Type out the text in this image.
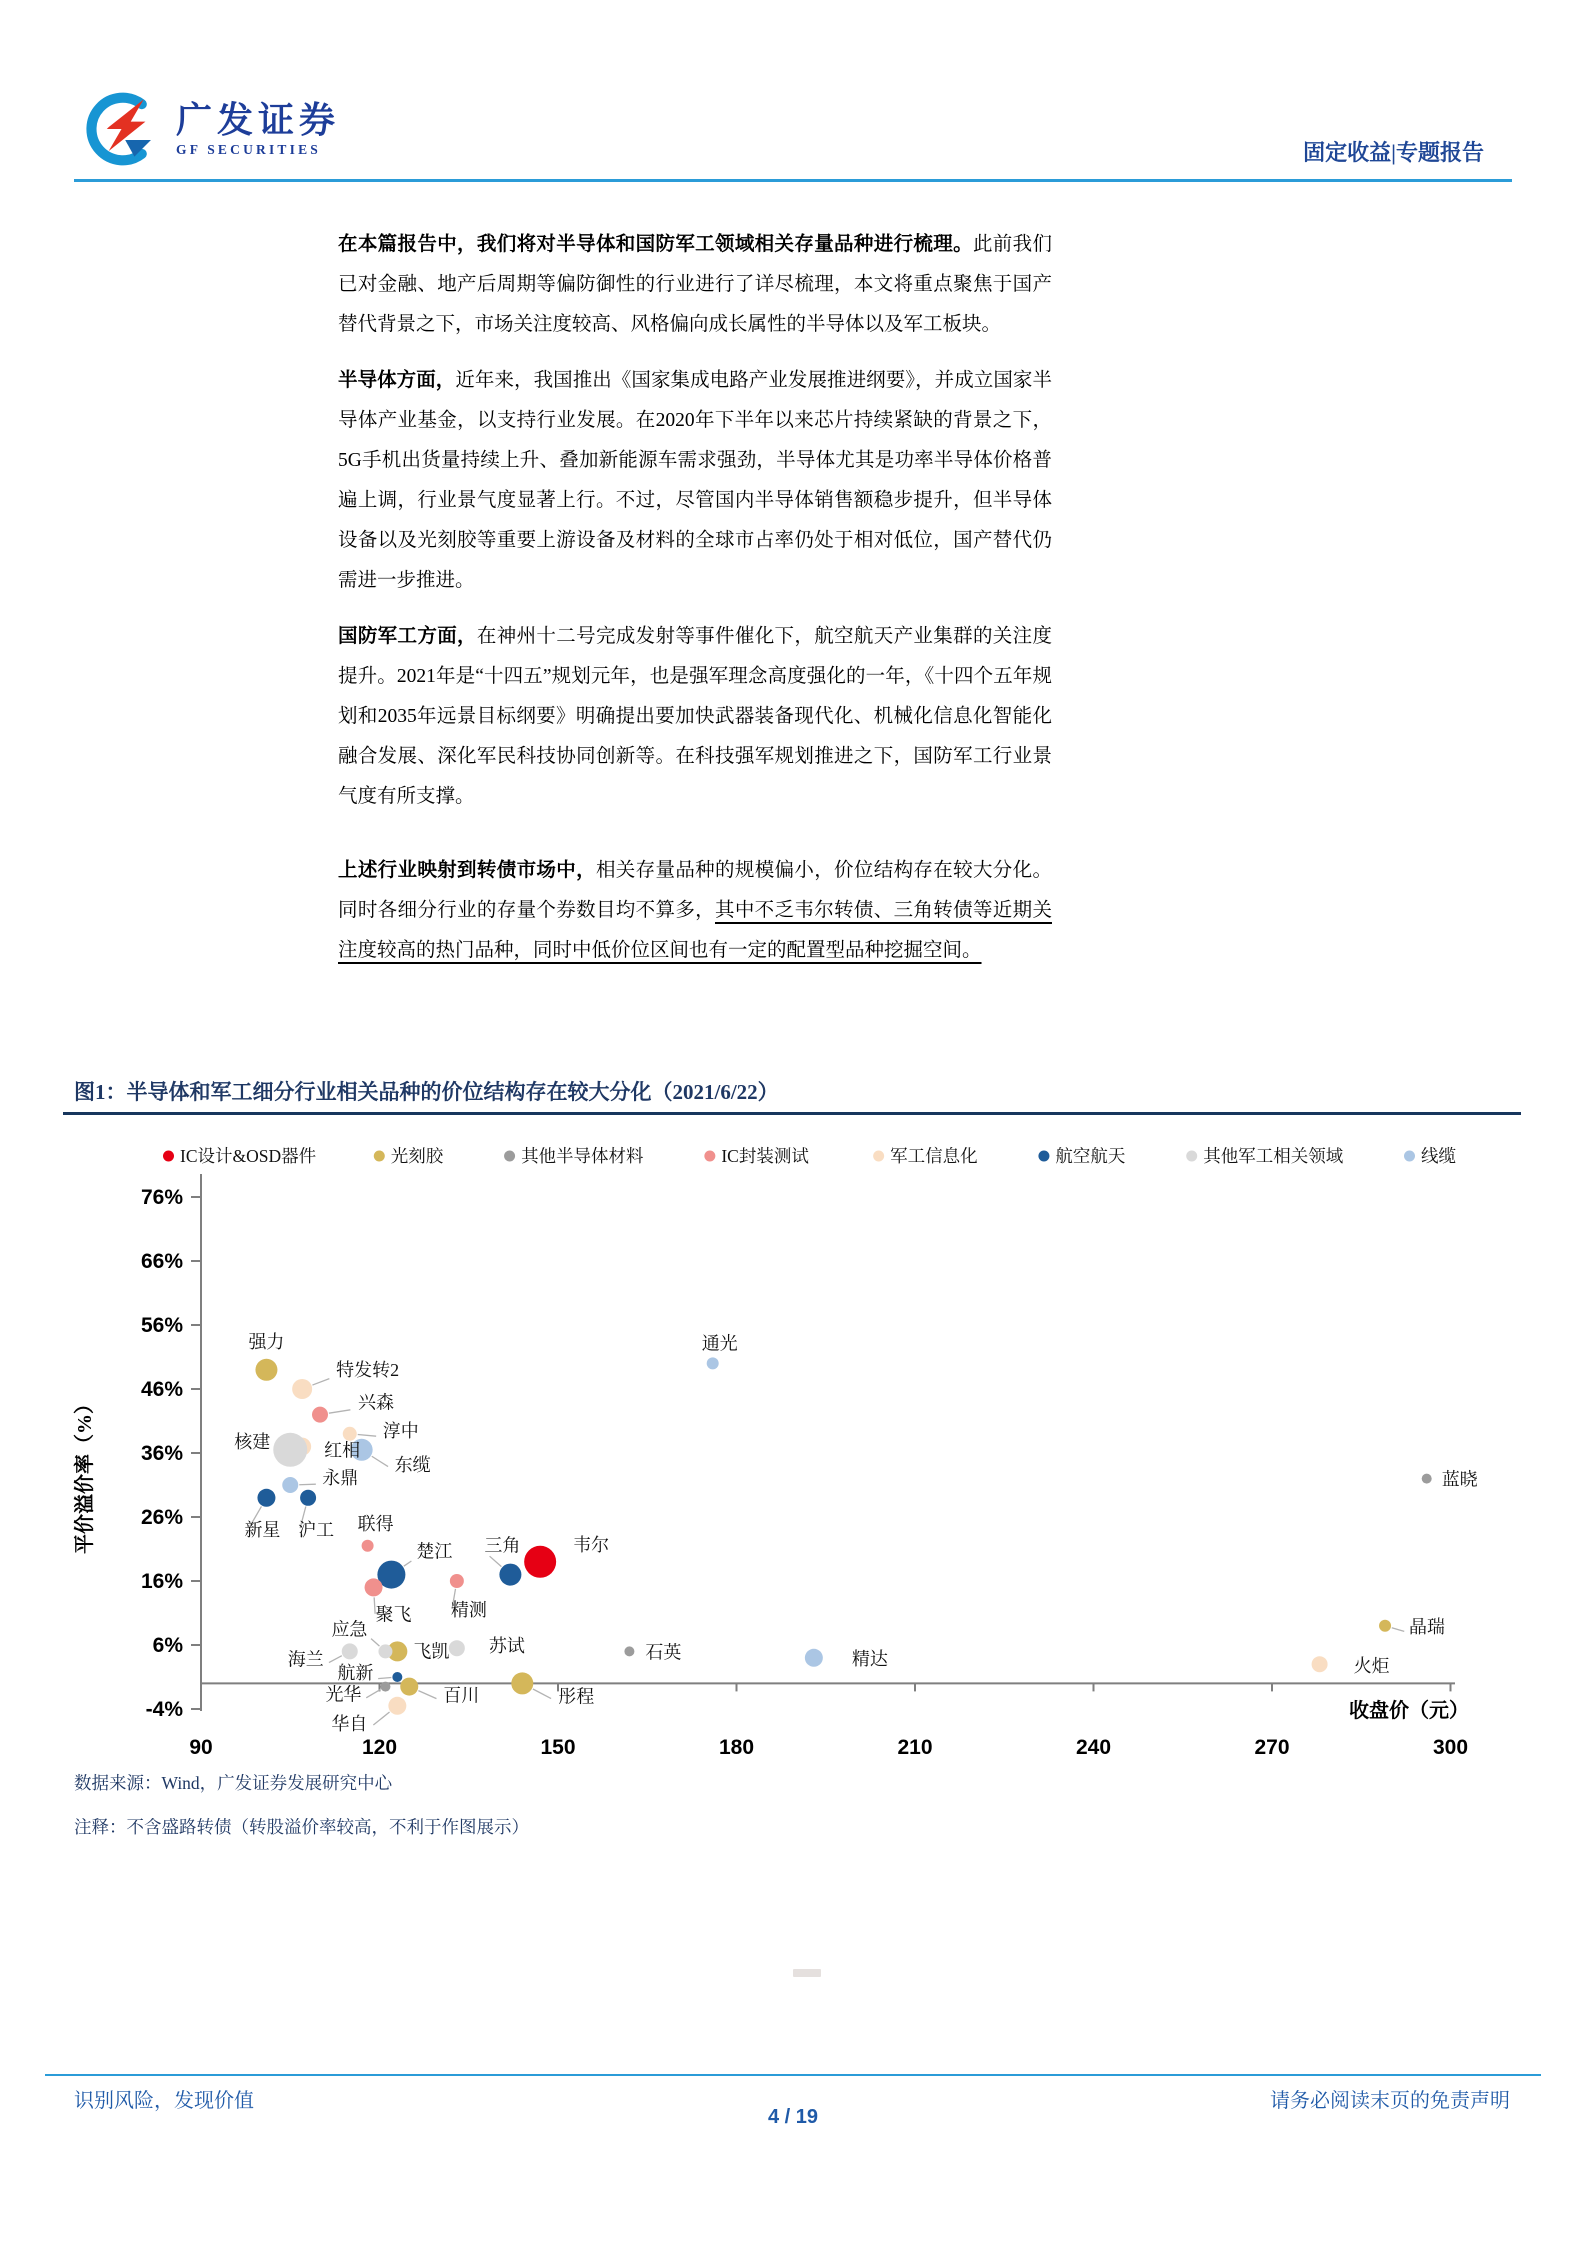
广发证券
GF SECURITIES	固定收益|专题报告

在本篇报告中，我们将对半导体和国防军工领域相关存量品种进行梳理。此前我们已对金融、地产后周期等偏防御性的行业进行了详尽梳理，本文将重点聚焦于国产替代背景之下，市场关注度较高、风格偏向成长属性的半导体以及军工板块。

半导体方面，近年来，我国推出《国家集成电路产业发展推进纲要》，并成立国家半导体产业基金，以支持行业发展。在2020年下半年以来芯片持续紧缺的背景之下，5G手机出货量持续上升、叠加新能源车需求强劲，半导体尤其是功率半导体价格普遍上调，行业景气度显著上行。不过，尽管国内半导体销售额稳步提升，但半导体设备以及光刻胶等重要上游设备及材料的全球市占率仍处于相对低位，国产替代仍需进一步推进。

国防军工方面，在神州十二号完成发射等事件催化下，航空航天产业集群的关注度提升。2021年是“十四五”规划元年，也是强军理念高度强化的一年，《十四个五年规划和2035年远景目标纲要》明确提出要加快武器装备现代化、机械化信息化智能化融合发展、深化军民科技协同创新等。在科技强军规划推进之下，国防军工行业景气度有所支撑。

上述行业映射到转债市场中，相关存量品种的规模偏小，价位结构存在较大分化。同时各细分行业的存量个券数目均不算多，其中不乏韦尔转债、三角转债等近期关注度较高的热门品种，同时中低价位区间也有一定的配置型品种挖掘空间。

图1：半导体和军工细分行业相关品种的价位结构存在较大分化（2021/6/22）
76%
66%
56%
46%
36%
26%
16%
6%
-4%
90	120	150	180	210	240	270	300
平价溢价率（%）
收盘价（元）
IC设计&OSD器件	光刻胶	其他半导体材料	IC封装测试	军工信息化	航空航天	其他军工相关领域	线缆
红相
核建
韦尔
楚江
彤程
三角
东缆
强力
特发转2
百川
华自
飞凯
聚飞
新星
精达
兴森
永鼎
沪工
苏试
海兰	火炬
淳中
应急
精测
晶瑞
联得
通光
石英
蓝晓
光华
航新
数据来源：Wind，广发证券发展研究中心
注释：不含盛路转债（转股溢价率较高，不利于作图展示）
识别风险，发现价值	请务必阅读末页的免责声明
4 / 19
